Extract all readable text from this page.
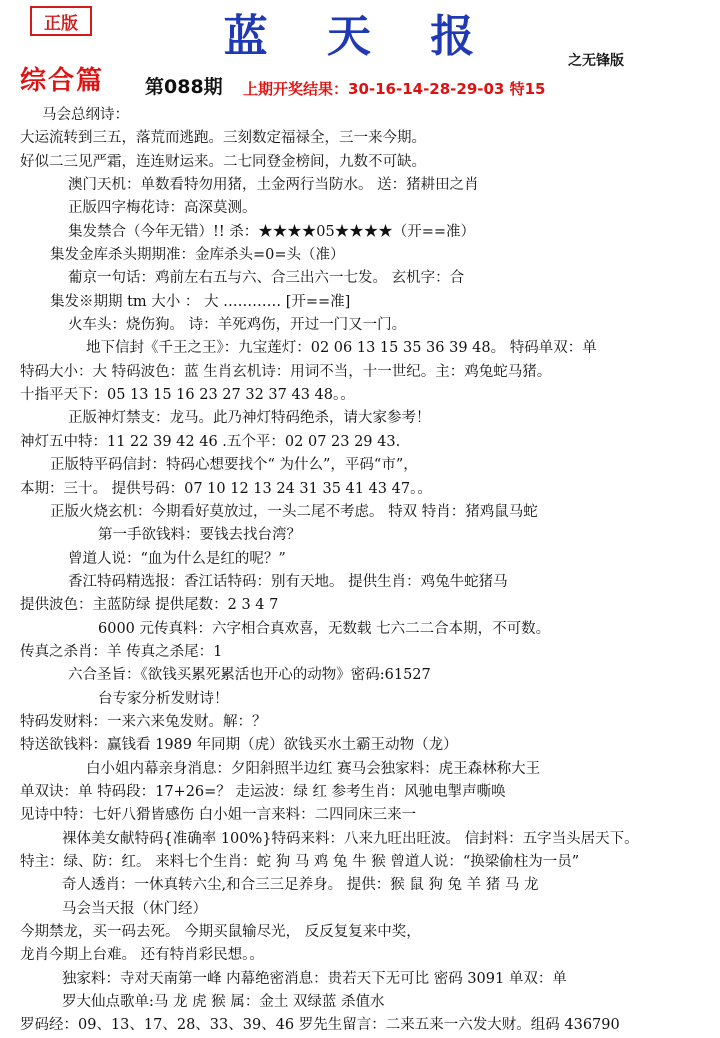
正版	蓝 天 报	之无锋版
综合篇 第088期 上期开奖结果：30-16-14-28-29-03 特15
马会总纲诗：
大运流转到三五，落荒而逃跑。三刻数定福禄全，三一来今期。
好似二三见严霜，连连财运来。二七同登金榜间，九数不可缺。
澳门天机：单数看特勿用猪，土金两行当防水。 送：猪耕田之肖
正版四字梅花诗：高深莫测。
集发禁合（今年无错）!! 杀：★★★★05★★★★（开==准）
集发金库杀头期期准：金库杀头=0=头（准）
葡京一句话：鸡前左右五与六、合三出六一七发。 玄机字：合
集发※期期 tm 大小 ： 大 ………… [开==准]
火车头：烧伤狗。 诗：羊死鸡伤，开过一门又一门。
地下信封《千王之王》：九宝莲灯：02 06 13 15 35 36 39 48。 特码单双：单
特码大小：大 特码波色：蓝 生肖玄机诗：用词不当，十一世纪。主：鸡兔蛇马猪。
十指平天下：05 13 15 16 23 27 32 37 43 48。。
正版神灯禁支：龙马。此乃神灯特码绝杀，请大家参考！
神灯五中特：11 22 39 42 46 .五个平：02 07 23 29 43.
正版特平码信封：特码心想要找个“ 为什么”，平码“市”，
本期：三十。 提供号码：07 10 12 13 24 31 35 41 43 47。。
正版火烧玄机：今期看好莫放过，一头二尾不考虑。 特双 特肖：猪鸡鼠马蛇
第一手欲钱料：要钱去找台湾？
曾道人说：“血为什么是红的呢？”
香江特码精选报：香江话特码：别有天地。 提供生肖：鸡兔牛蛇猪马
提供波色：主蓝防绿 提供尾数：2 3 4 7
6000 元传真料：六字相合真欢喜，无数载 七六二二合本期，不可数。
传真之杀肖：羊 传真之杀尾：1
六合圣旨：《欲钱买累死累活也开心的动物》密码:61527
台专家分析发财诗！
特码发财料：一来六来兔发财。解：？
特送欲钱料：赢钱看 1989 年同期（虎）欲钱买水土霸王动物（龙）
白小姐内幕亲身消息：夕阳斜照半边红 赛马会独家料：虎王森林称大王
单双诀：单 特码段：17+26=？ 走运波：绿 红 参考生肖：风驰电掣声嘶唤
见诗中特：七奸八猾皆感伤 白小姐一言来料：二四同床三来一
裸体美女献特码{准确率 100%}特码来料：八来九旺出旺波。 信封料：五字当头居天下。
特主：绿、防：红。 来料七个生肖：蛇 狗 马 鸡 兔 牛 猴 曾道人说：“换梁偷柱为一员”
奇人透肖：一休真转六尘,和合三三足养身。 提供：猴 鼠 狗 兔 羊 猪 马 龙
马会当天报（休门经）
今期禁龙，买一码去死。 今期买鼠输尽光， 反反复复来中奖，
龙肖今期上台难。 还有特肖彩民想。。
独家料：寺对天南第一峰 内幕绝密消息：贵若天下无可比 密码 3091 单双：单
罗大仙点歌单:马 龙 虎 猴 属：金土 双绿蓝 杀值水
罗码经：09、13、17、28、33、39、46 罗先生留言：二来五来一六发大财。组码 436790
